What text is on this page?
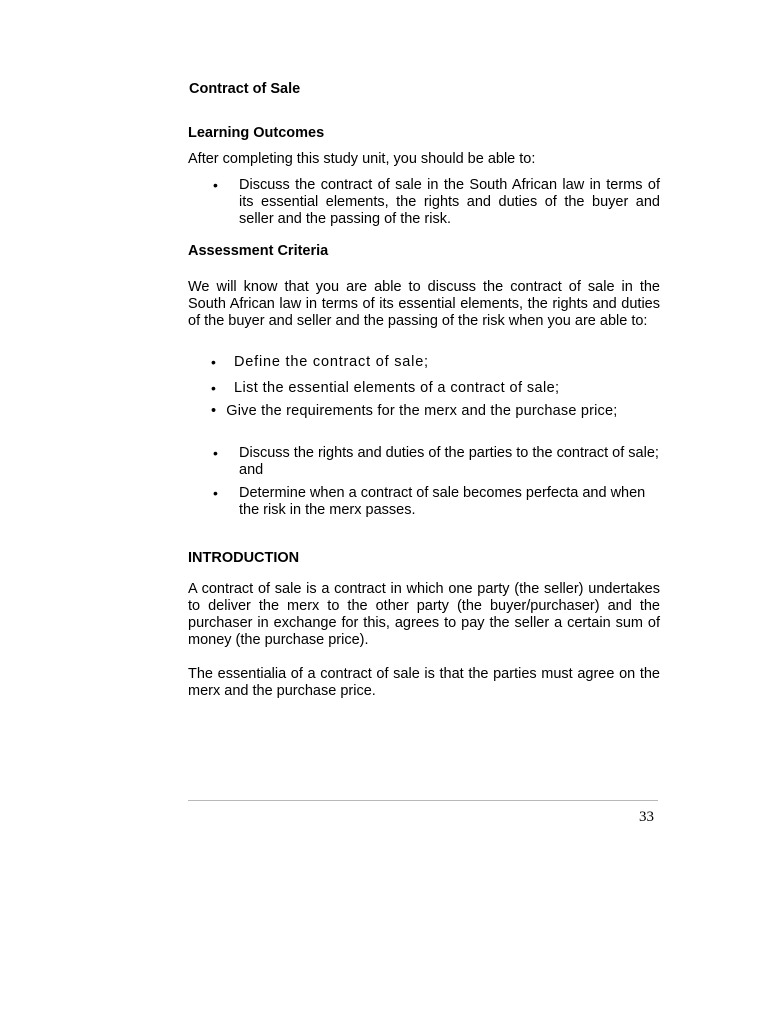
Contract of Sale
Learning Outcomes
After completing this study unit, you should be able to:
• Discuss the contract of sale in the South African law in terms of its essential elements, the rights and duties of the buyer and seller and the passing of the risk.
Assessment Criteria
We will know that you are able to discuss the contract of sale in the South African law in terms of its essential elements, the rights and duties of the buyer and seller and the passing of the risk when you are able to:
• Define the contract of sale;
• List the essential elements of a contract of sale;
• Give the requirements for the merx and the purchase price;
• Discuss the rights and duties of the parties to the contract of sale; and
• Determine when a contract of sale becomes perfecta and when the risk in the merx passes.
INTRODUCTION
A contract of sale is a contract in which one party (the seller) undertakes to deliver the merx to the other party (the buyer/purchaser) and the purchaser in exchange for this, agrees to pay the seller a certain sum of money (the purchase price).
The essentialia of a contract of sale is that the parties must agree on the merx and the purchase price.
33
